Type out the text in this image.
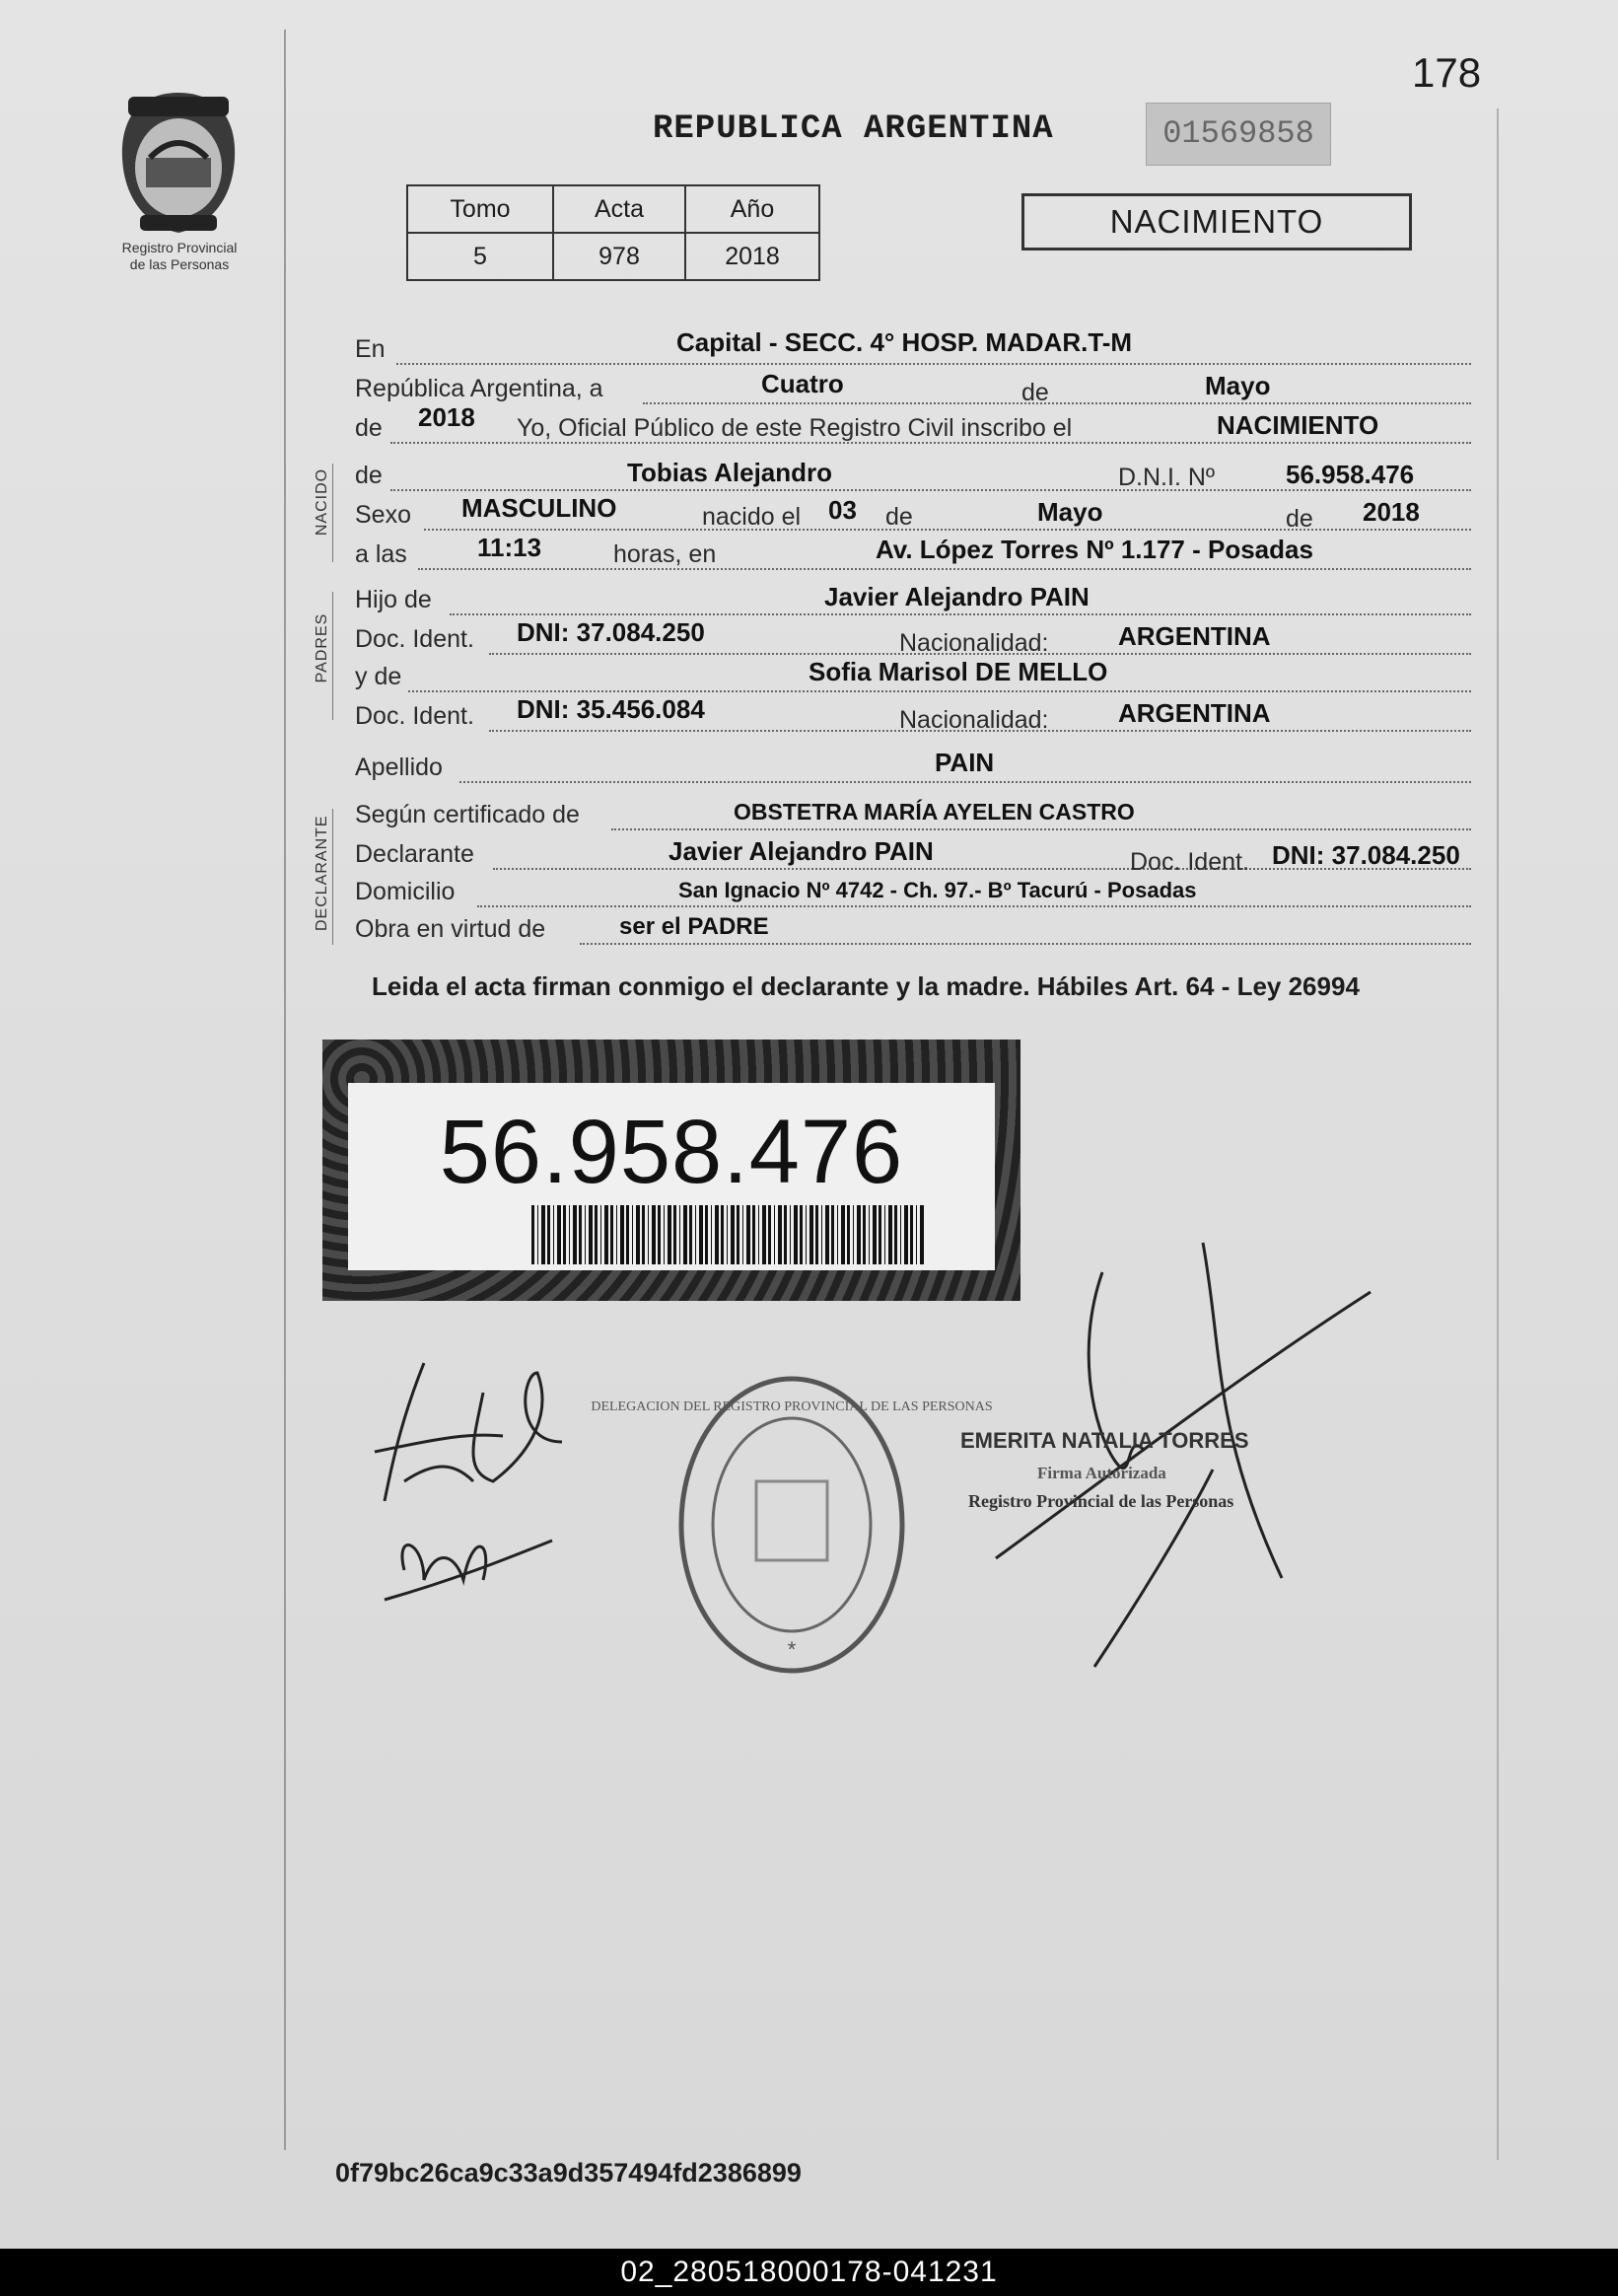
178
Registro Provincial
de las Personas
REPUBLICA ARGENTINA	01569858
Tomo	Acta	Año
5	978	2018
NACIMIENTO
NACIDO
PADRES
DECLARANTE
En	Capital - SECC. 4° HOSP. MADAR.T-M
República Argentina, a	Cuatro	de	Mayo
de 2018 Yo, Oficial Público de este Registro Civil inscribo el	NACIMIENTO
de	Tobias Alejandro	D.N.I. Nº	56.958.476
Sexo MASCULINO	nacido el 03 de	Mayo	de 2018
a las	11:13	horas, en	Av. López Torres Nº 1.177 - Posadas
Hijo de	Javier Alejandro PAIN
Doc. Ident. DNI: 37.084.250	Nacionalidad:	ARGENTINA
y de	Sofia Marisol DE MELLO
Doc. Ident. DNI: 35.456.084	Nacionalidad:	ARGENTINA
Apellido	PAIN
Según certificado de	OBSTETRA MARÍA AYELEN CASTRO
Declarante	Javier Alejandro PAIN	Doc. Ident. DNI: 37.084.250
Domicilio	San Ignacio Nº 4742 - Ch. 97.- Bº Tacurú - Posadas
Obra en virtud de	ser el PADRE
Leida el acta firman conmigo el declarante y la madre. Hábiles Art. 64 - Ley 26994
56.958.476
*
DELEGACION DEL REGISTRO PROVINCIAL DE LAS PERSONAS
EMERITA NATALIA TORRES
Firma Autorizada
Registro Provincial de las Personas
0f79bc26ca9c33a9d357494fd2386899
02_280518000178-041231
